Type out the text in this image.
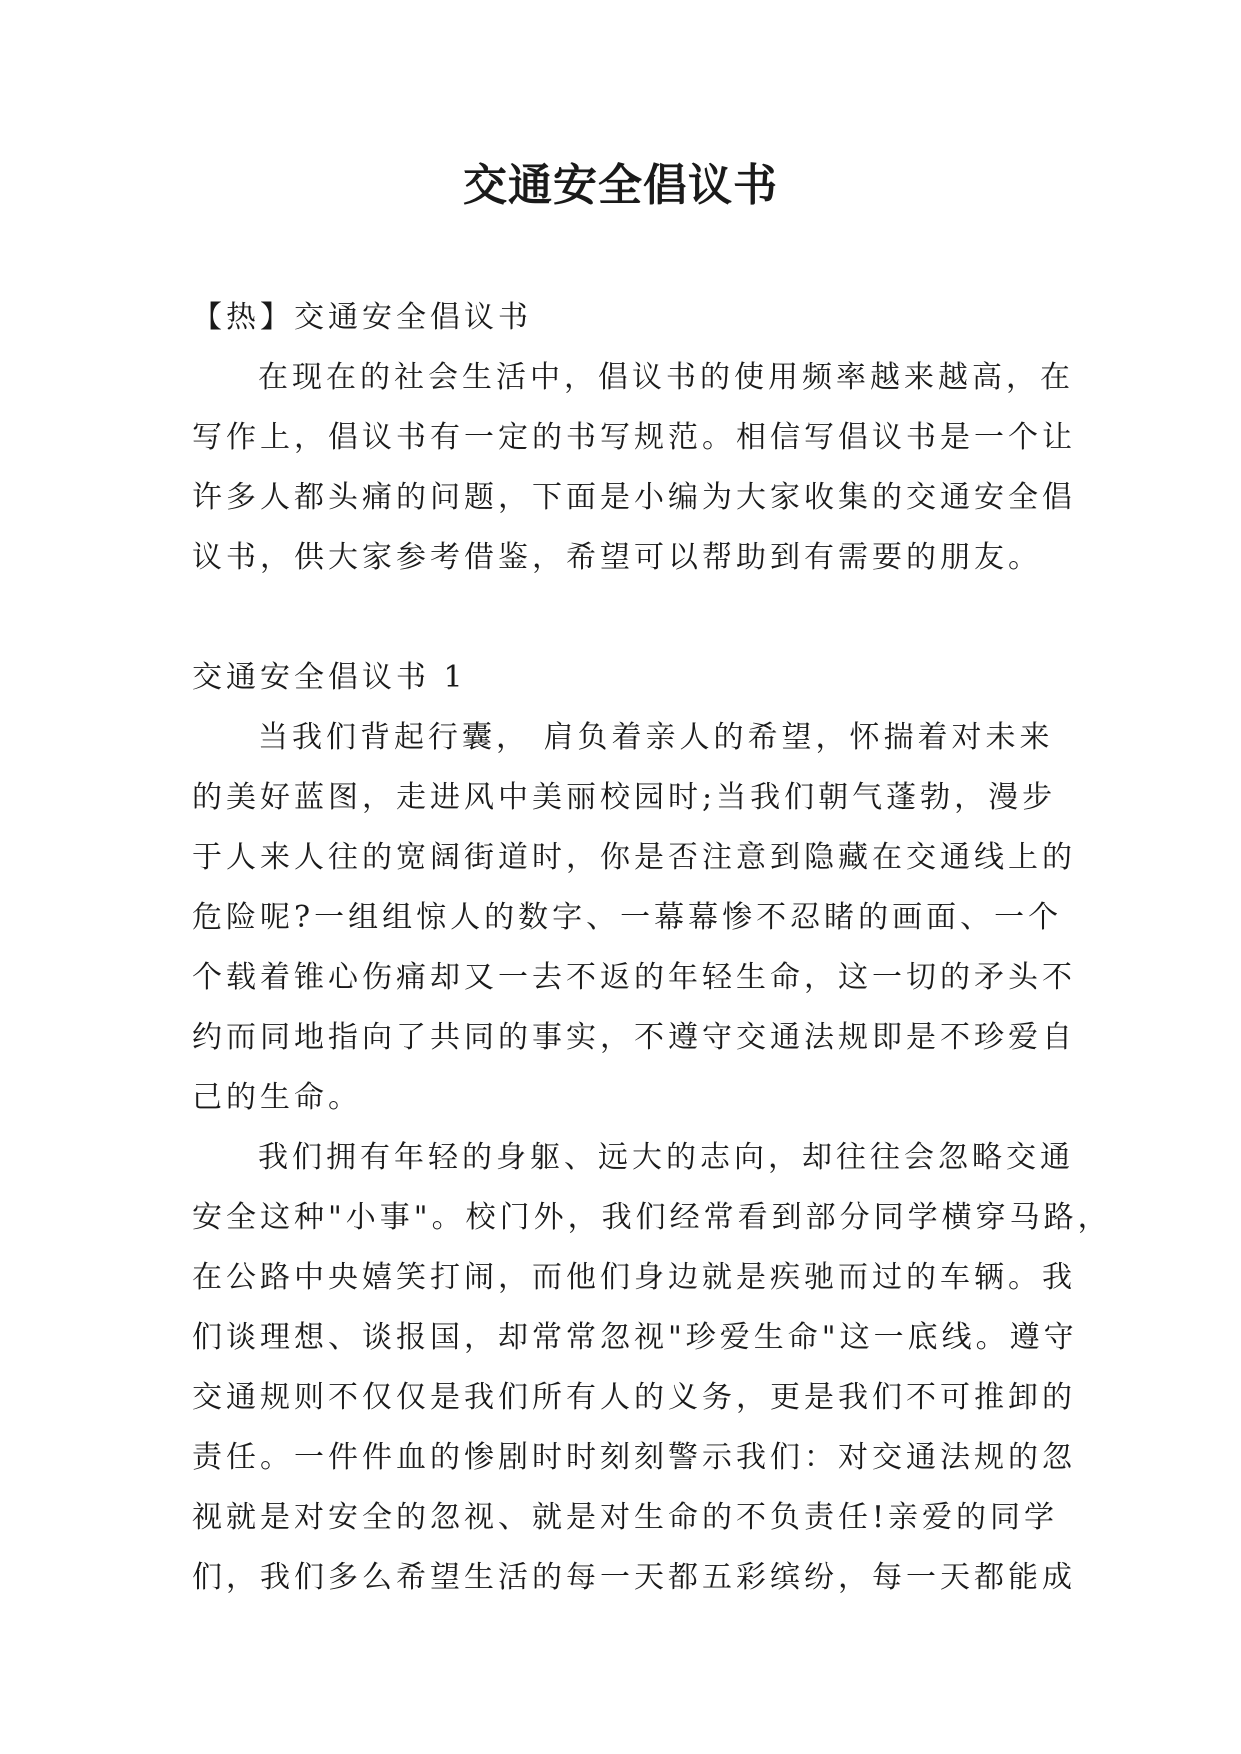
交通安全倡议书

【热】交通安全倡议书

在现在的社会生活中，倡议书的使用频率越来越高，在

写作上，倡议书有一定的书写规范。相信写倡议书是一个让

许多人都头痛的问题，下面是小编为大家收集的交通安全倡

议书，供大家参考借鉴，希望可以帮助到有需要的朋友。

交通安全倡议书 1

当我们背起行囊， 肩负着亲人的希望，怀揣着对未来

的美好蓝图，走进风中美丽校园时;当我们朝气蓬勃，漫步

于人来人往的宽阔街道时，你是否注意到隐藏在交通线上的

危险呢?一组组惊人的数字、一幕幕惨不忍睹的画面、一个

个载着锥心伤痛却又一去不返的年轻生命，这一切的矛头不

约而同地指向了共同的事实，不遵守交通法规即是不珍爱自

己的生命。

我们拥有年轻的身躯、远大的志向，却往往会忽略交通

安全这种"小事"。校门外，我们经常看到部分同学横穿马路，

在公路中央嬉笑打闹，而他们身边就是疾驰而过的车辆。我

们谈理想、谈报国，却常常忽视"珍爱生命"这一底线。遵守

交通规则不仅仅是我们所有人的义务，更是我们不可推卸的

责任。一件件血的惨剧时时刻刻警示我们：对交通法规的忽

视就是对安全的忽视、就是对生命的不负责任!亲爱的同学

们，我们多么希望生活的每一天都五彩缤纷，每一天都能成
